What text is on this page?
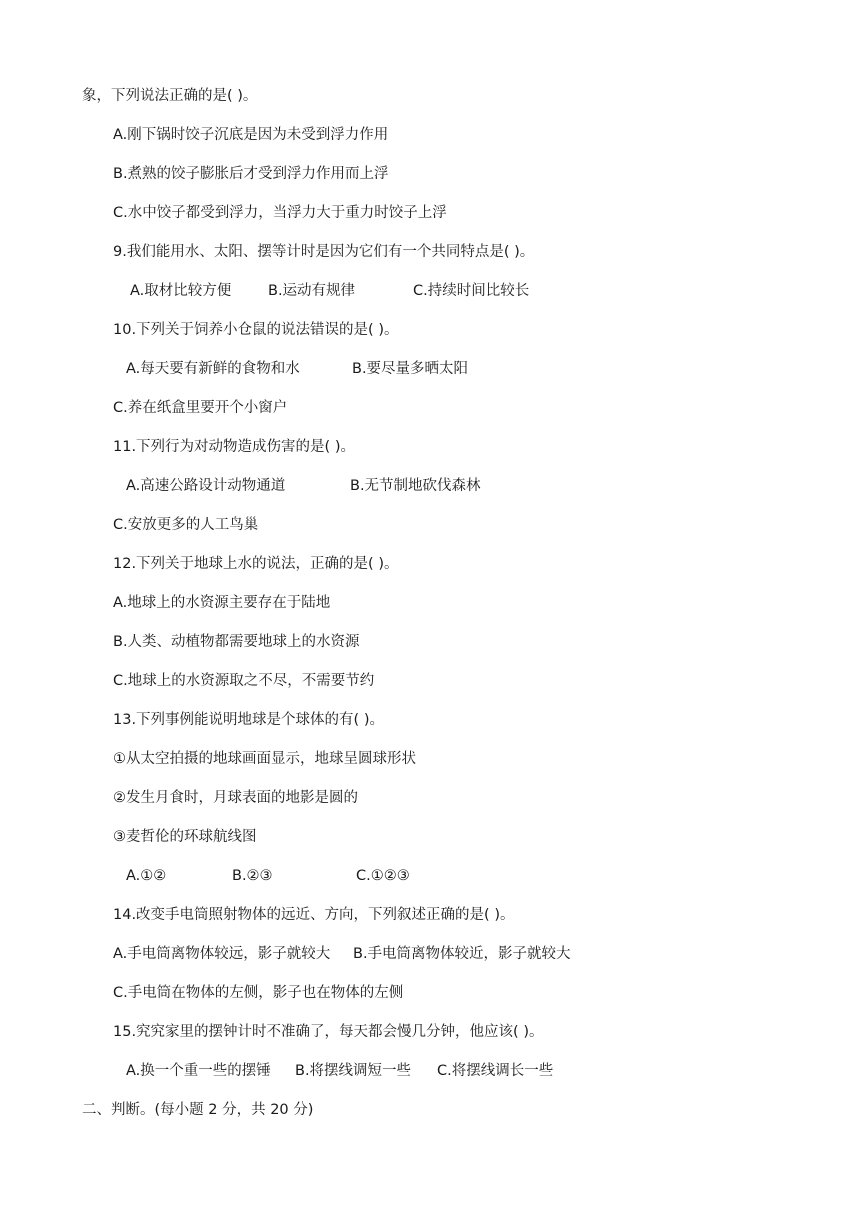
象，下列说法正确的是( )。
A.刚下锅时饺子沉底是因为未受到浮力作用
B.煮熟的饺子膨胀后才受到浮力作用而上浮
C.水中饺子都受到浮力，当浮力大于重力时饺子上浮
9.我们能用水、太阳、摆等计时是因为它们有一个共同特点是( )。
A.取材比较方便	B.运动有规律	C.持续时间比较长
10.下列关于饲养小仓鼠的说法错误的是( )。
A.每天要有新鲜的食物和水	B.要尽量多晒太阳
C.养在纸盒里要开个小窗户
11.下列行为对动物造成伤害的是( )。
A.高速公路设计动物通道	B.无节制地砍伐森林
C.安放更多的人工鸟巢
12.下列关于地球上水的说法，正确的是( )。
A.地球上的水资源主要存在于陆地
B.人类、动植物都需要地球上的水资源
C.地球上的水资源取之不尽，不需要节约
13.下列事例能说明地球是个球体的有( )。
①从太空拍摄的地球画面显示，地球呈圆球形状
②发生月食时，月球表面的地影是圆的
③麦哲伦的环球航线图
A.①②	B.②③	C.①②③
14.改变手电筒照射物体的远近、方向，下列叙述正确的是( )。
A.手电筒离物体较远，影子就较大 B.手电筒离物体较近，影子就较大
C.手电筒在物体的左侧，影子也在物体的左侧
15.究究家里的摆钟计时不准确了，每天都会慢几分钟，他应该( )。
A.换一个重一些的摆锤 B.将摆线调短一些 C.将摆线调长一些
二、判断。(每小题 2 分，共 20 分)
